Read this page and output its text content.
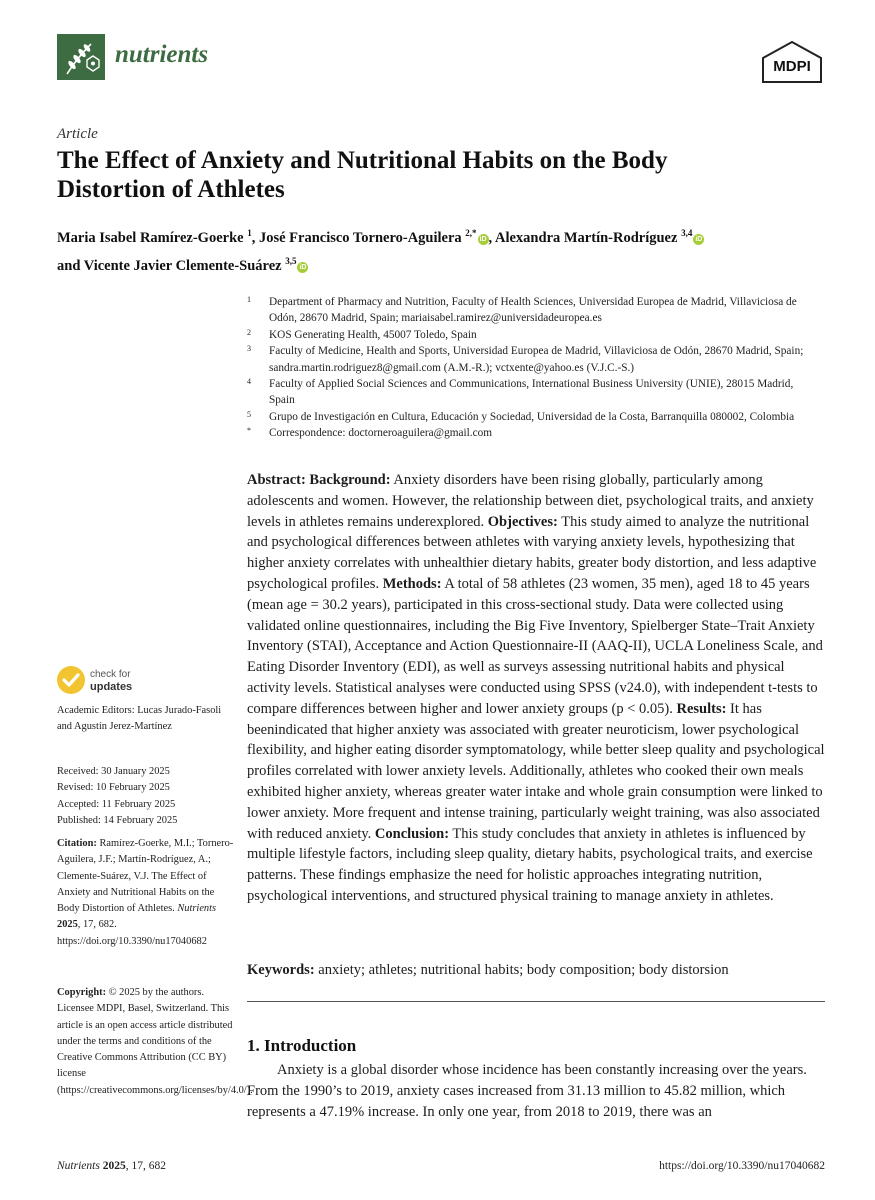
nutrients	MDPI
Article
The Effect of Anxiety and Nutritional Habits on the Body Distortion of Athletes
Maria Isabel Ramírez-Goerke $^1$, José Francisco Tornero-Aguilera $^{2,*}$iD , Alexandra Martín-Rodríguez $^{3,4}$iD
and Vicente Javier Clemente-Suárez $^{3,5}$iD
1 Department of Pharmacy and Nutrition, Faculty of Health Sciences, Universidad Europea de Madrid, Villaviciosa de Odón, 28670 Madrid, Spain; mariaisabel.ramirez@universidadeuropea.es
2 KOS Generating Health, 45007 Toledo, Spain
3 Faculty of Medicine, Health and Sports, Universidad Europea de Madrid, Villaviciosa de Odón, 28670 Madrid, Spain; sandra.martin.rodriguez8@gmail.com (A.M.-R.); vctxente@yahoo.es (V.J.C.-S.)
4 Faculty of Applied Social Sciences and Communications, International Business University (UNIE), 28015 Madrid, Spain
5 Grupo de Investigación en Cultura, Educación y Sociedad, Universidad de la Costa, Barranquilla 080002, Colombia
* Correspondence: doctorneroaguilera@gmail.com
Abstract: Background: Anxiety disorders have been rising globally, particularly among adolescents and women. However, the relationship between diet, psychological traits, and anxiety levels in athletes remains underexplored. Objectives: This study aimed to analyze the nutritional and psychological differences between athletes with varying anxiety levels, hypothesizing that higher anxiety correlates with unhealthier dietary habits, greater body distortion, and less adaptive psychological profiles. Methods: A total of 58 athletes (23 women, 35 men), aged 18 to 45 years (mean age = 30.2 years), participated in this cross-sectional study. Data were collected using validated online questionnaires, including the Big Five Inventory, Spielberger State–Trait Anxiety Inventory (STAI), Acceptance and Action Questionnaire-II (AAQ-II), UCLA Loneliness Scale, and Eating Disorder Inventory (EDI), as well as surveys assessing nutritional habits and physical activity levels. Statistical analyses were conducted using SPSS (v24.0), with independent t-tests to compare differences between higher and lower anxiety groups (p < 0.05). Results: It has beenindicated that higher anxiety was associated with greater neuroticism, lower psychological flexibility, and higher eating disorder symptomatology, while better sleep quality and psychological profiles correlated with lower anxiety levels. Additionally, athletes who cooked their own meals exhibited higher anxiety, whereas greater water intake and whole grain consumption were linked to lower anxiety. More frequent and intense training, particularly weight training, was also associated with reduced anxiety. Conclusion: This study concludes that anxiety in athletes is influenced by multiple lifestyle factors, including sleep quality, dietary habits, psychological traits, and exercise patterns. These findings emphasize the need for holistic approaches integrating nutrition, psychological interventions, and structured physical training to manage anxiety in athletes.
Keywords: anxiety; athletes; nutritional habits; body composition; body distorsion
1. Introduction
Anxiety is a global disorder whose incidence has been constantly increasing over the years. From the 1990’s to 2019, anxiety cases increased from 31.13 million to 45.82 million, which represents a 47.19% increase. In only one year, from 2018 to 2019, there was an
check for
updates
Academic Editors: Lucas Jurado-Fasoli and Agustín Jerez-Martínez
Received: 30 January 2025
Revised: 10 February 2025
Accepted: 11 February 2025
Published: 14 February 2025
Citation: Ramírez-Goerke, M.I.; Tornero-Aguilera, J.F.; Martín-Rodríguez, A.; Clemente-Suárez, V.J. The Effect of Anxiety and Nutritional Habits on the Body Distortion of Athletes. Nutrients 2025, 17, 682. https://doi.org/10.3390/nu17040682
Copyright: © 2025 by the authors. Licensee MDPI, Basel, Switzerland. This article is an open access article distributed under the terms and conditions of the Creative Commons Attribution (CC BY) license (https://creativecommons.org/licenses/by/4.0/).
Nutrients 2025, 17, 682	https://doi.org/10.3390/nu17040682
